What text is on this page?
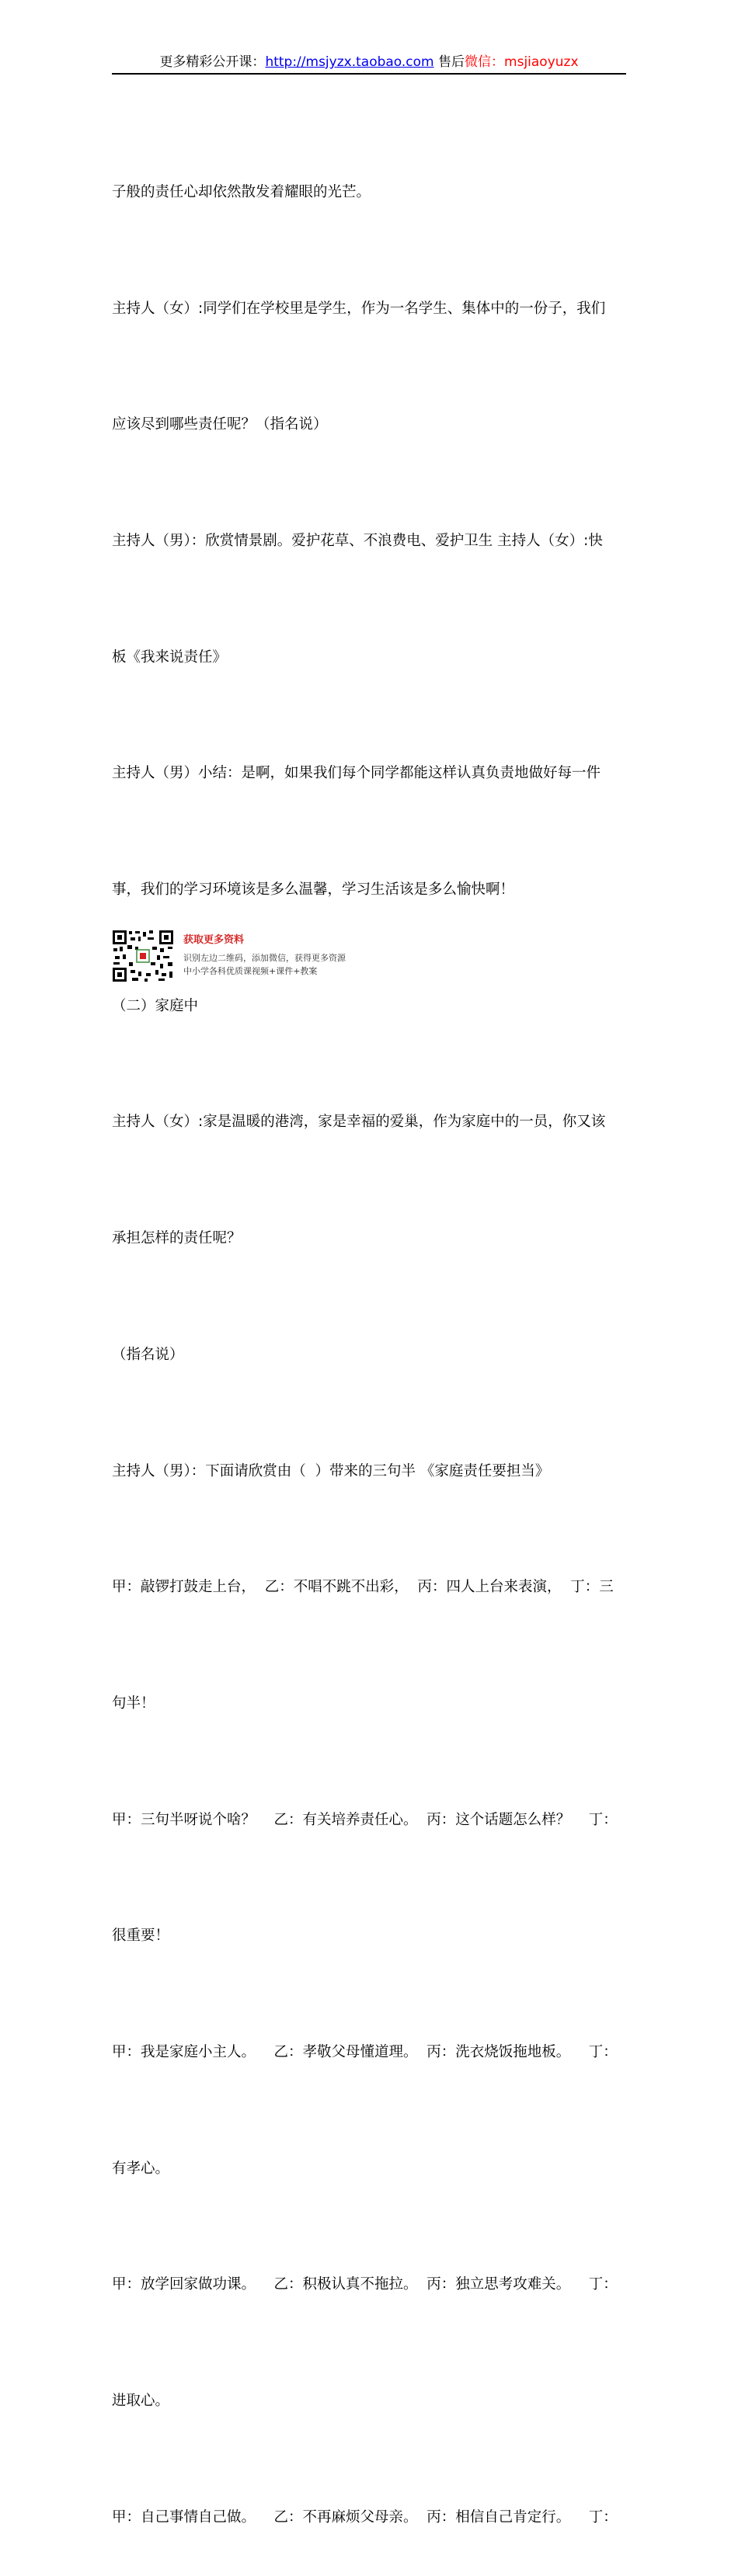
更多精彩公开课：http://msjyzx.taobao.com 售后微信：msjiaoyuzx

子般的责任心却依然散发着耀眼的光芒。

主持人（女）:同学们在学校里是学生，作为一名学生、集体中的一份子，我们

应该尽到哪些责任呢？（指名说）

主持人（男）：欣赏情景剧。爱护花草、不浪费电、爱护卫生 主持人（女）:快

板《我来说责任》

主持人（男）小结：是啊，如果我们每个同学都能这样认真负责地做好每一件

事，我们的学习环境该是多么温馨，学习生活该是多么愉快啊！

（二）家庭中

主持人（女）:家是温暖的港湾，家是幸福的爱巢，作为家庭中的一员，你又该

承担怎样的责任呢？

（指名说）

主持人（男）：下面请欣赏由（  ）带来的三句半 《家庭责任要担当》

甲：敲锣打鼓走上台，  乙：不唱不跳不出彩，  丙：四人上台来表演，  丁：三

句半！

甲：三句半呀说个啥？    乙：有关培养责任心。  丙：这个话题怎么样？    丁：

很重要！

甲：我是家庭小主人。    乙：孝敬父母懂道理。  丙：洗衣烧饭拖地板。    丁：

有孝心。

甲：放学回家做功课。    乙：积极认真不拖拉。  丙：独立思考攻难关。    丁：

进取心。

甲：自己事情自己做。    乙：不再麻烦父母亲。  丙：相信自己肯定行。    丁：

获取更多资料
识别左边二维码，添加微信，获得更多资源
中小学各科优质课视频+课件+教案
